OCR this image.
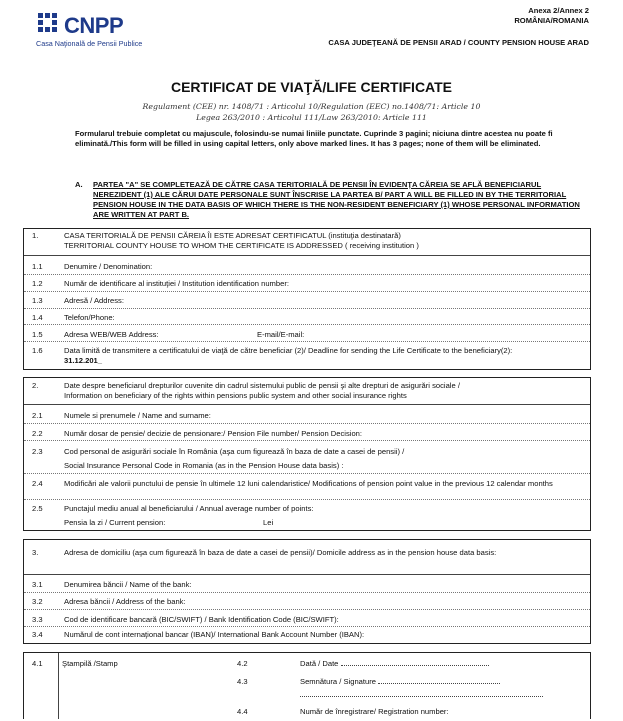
CNPP
Casa Naţională de Pensii Publice
Anexa 2/Annex 2
ROMÂNIA/ROMANIA
CASA JUDEŢEANĂ DE PENSII ARAD / COUNTY PENSION HOUSE ARAD
CERTIFICAT DE VIAŢĂ/LIFE CERTIFICATE
Regulament (CEE) nr. 1408/71 : Articolul 10/Regulation (EEC) no.1408/71: Article 10
Legea 263/2010 : Articolul 111/Law 263/2010: Article 111
Formularul trebuie completat cu majuscule, folosindu-se numai liniile punctate. Cuprinde 3 pagini; niciuna dintre acestea nu poate fi eliminată./This form will be filled in using capital letters, only above marked lines. It has 3 pages; none of them will be eliminated.
A. PARTEA "A" SE COMPLETEAZĂ DE CĂTRE CASA TERITORIALĂ DE PENSII ÎN EVIDENŢA CĂREIA SE AFLĂ BENEFICIARUL NEREZIDENT (1) ALE CĂRUI DATE PERSONALE SUNT ÎNSCRISE LA PARTEA B/ PART A WILL BE FILLED IN BY THE TERRITORIAL PENSION HOUSE IN THE DATA BASIS OF WHICH THERE IS THE NON-RESIDENT BENEFICIARY (1) WHOSE PERSONAL INFORMATION ARE WRITTEN AT PART B.
1.	CASA TERITORIALĂ DE PENSII CĂREIA ÎI ESTE ADRESAT CERTIFICATUL (instituţia destinatară)
TERRITORIAL COUNTY HOUSE TO WHOM THE CERTIFICATE IS ADDRESSED ( receiving institution )
1.1	Denumire / Denomination:
1.2	Număr de identificare al instituţiei / Institution identification number:
1.3	Adresă / Address:
1.4	Telefon/Phone:
1.5	Adresa WEB/WEB Address:	E-mail/E-mail:
1.6	Data limită de transmitere a certificatului de viaţă de către beneficiar (2)/ Deadline for sending the Life Certificate to the beneficiary(2):
31.12.201_
2.	Date despre beneficiarul drepturilor cuvenite din cadrul sistemului public de pensii şi alte drepturi de asigurări sociale /
Information on beneficiary of the rights within pensions public system and other social insurance rights
2.1	Numele si prenumele / Name and surname:
2.2	Număr dosar de pensie/ decizie de pensionare:/ Pension File number/ Pension Decision:
2.3	Cod personal de asigurări sociale în România (aşa cum figurează în baza de date a casei de pensii) /
Social Insurance Personal Code in Romania (as in the Pension House data basis) :
2.4	Modificări ale valorii punctului de pensie în ultimele 12 luni calendaristice/ Modifications of pension point value in the previous 12 calendar months
2.5	Punctajul mediu anual al beneficiarului / Annual average number of points:
Pensia la zi / Current pension:	Lei
3.	Adresa de domiciliu (aşa cum figurează în baza de date a casei de pensii)/ Domicile address as in the pension house data basis:
3.1	Denumirea băncii / Name of the bank:
3.2	Adresa băncii / Address of the bank:
3.3	Cod de identificare bancară (BIC/SWIFT) / Bank Identification Code (BIC/SWIFT):
3.4	Numărul de cont internaţional bancar (IBAN)/ International Bank Account Number (IBAN):
4.1	Ştampilă /Stamp	4.2	Dată / Date
4.3	Semnătura / Signature
4.4	Număr de înregistrare/ Registration number:
